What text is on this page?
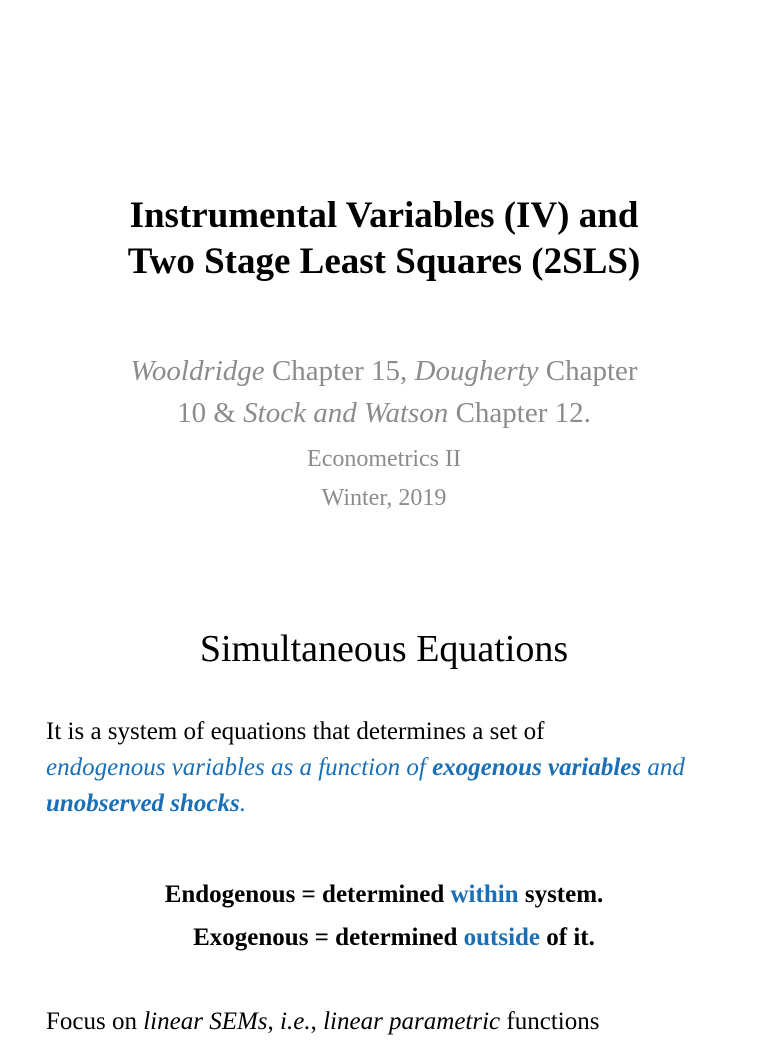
Instrumental Variables (IV) and
Two Stage Least Squares (2SLS)
Wooldridge Chapter 15, Dougherty Chapter
10 & Stock and Watson Chapter 12.
Econometrics II
Winter, 2019
Simultaneous Equations
It is a system of equations that determines a set of
endogenous variables as a function of exogenous variables and unobserved shocks.
Endogenous = determined within system.
Exogenous = determined outside of it.
Focus on linear SEMs, i.e., linear parametric functions
